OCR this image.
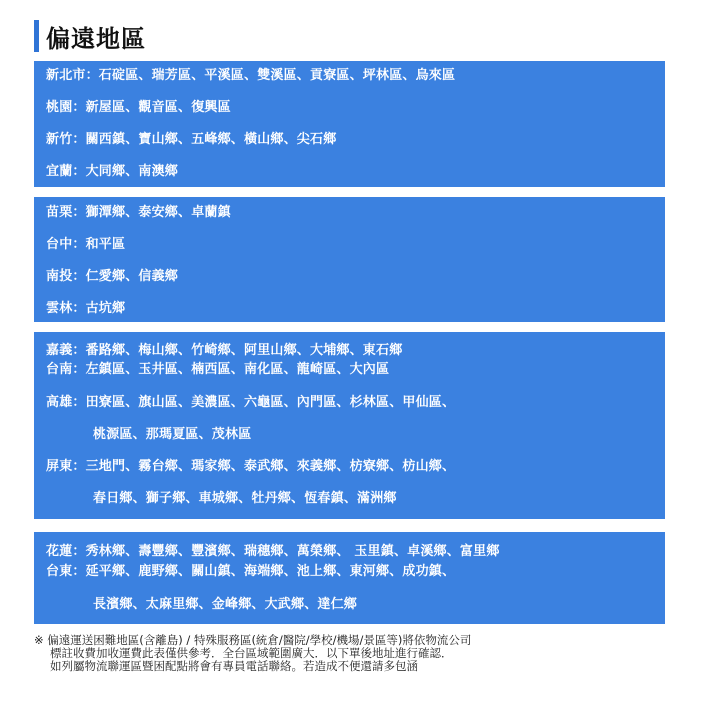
偏遠地區
新北市：石碇區、瑞芳區、平溪區、雙溪區、貢寮區、坪林區、烏來區
桃園：新屋區、觀音區、復興區
新竹：關西鎮、寶山鄉、五峰鄉、橫山鄉、尖石鄉
宜蘭：大同鄉、南澳鄉
苗栗：獅潭鄉、泰安鄉、卓蘭鎮
台中：和平區
南投：仁愛鄉、信義鄉
雲林：古坑鄉
嘉義：番路鄉、梅山鄉、竹崎鄉、阿里山鄉、大埔鄉、東石鄉
台南：左鎮區、玉井區、楠西區、南化區、龍崎區、大內區
高雄：田寮區、旗山區、美濃區、六龜區、內門區、杉林區、甲仙區、
桃源區、那瑪夏區、茂林區
屏東：三地門、霧台鄉、瑪家鄉、泰武鄉、來義鄉、枋寮鄉、枋山鄉、
春日鄉、獅子鄉、車城鄉、牡丹鄉、恆春鎮、滿洲鄉
花蓮：秀林鄉、壽豐鄉、豐濱鄉、瑞穗鄉、萬榮鄉、 玉里鎮、卓溪鄉、富里鄉
台東：延平鄉、鹿野鄉、關山鎮、海端鄉、池上鄉、東河鄉、成功鎮、
長濱鄉、太麻里鄉、金峰鄉、大武鄉、達仁鄉
※ 偏遠運送困難地區(含離島) / 特殊服務區(統倉/醫院/學校/機場/景區等)將依物流公司
標註收費加收運費此表僅供參考．全台區域範圍廣大．以下單後地址進行確認．
如列屬物流聯運區暨困配點將會有專員電話聯絡。若造成不便還請多包涵
